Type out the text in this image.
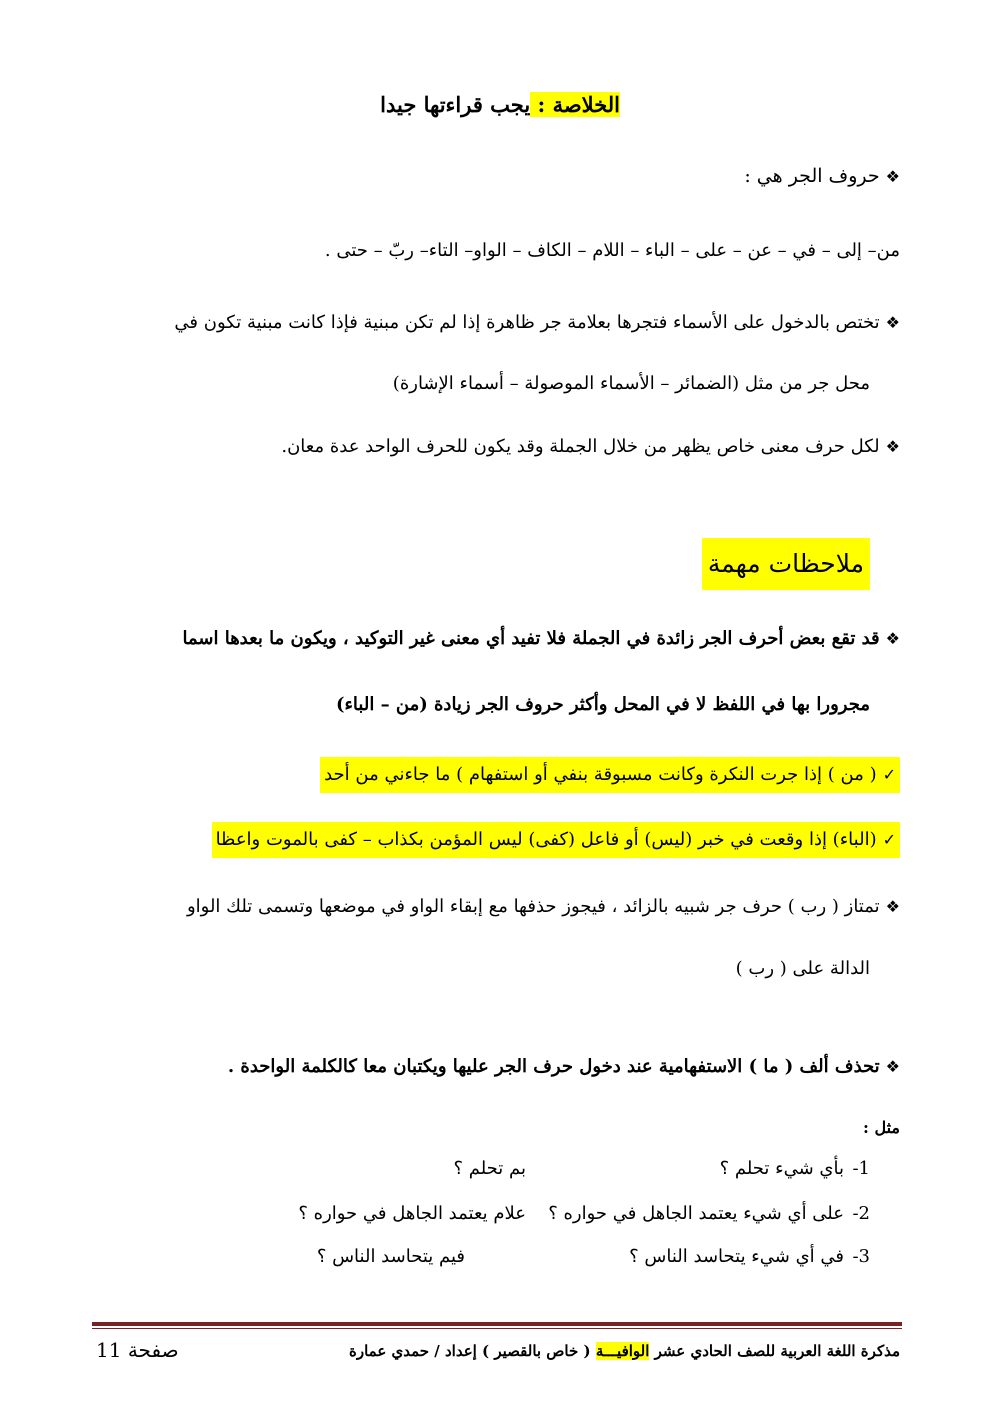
الخلاصة : يجب قراءتها جيدا
❖حروف الجر هي :
من– إلى – في – عن – على – الباء – اللام – الكاف – الواو– التاء– ربّ – حتى .
❖تختص بالدخول على الأسماء فتجرها بعلامة جر ظاهرة إذا لم تكن مبنية فإذا كانت مبنية تكون في
محل جر من مثل (الضمائر – الأسماء الموصولة – أسماء الإشارة)
❖لكل حرف معنى خاص يظهر من خلال الجملة وقد يكون للحرف الواحد عدة معان.
ملاحظات مهمة
❖قد تقع بعض أحرف الجر زائدة في الجملة فلا تفيد أي معنى غير التوكيد ، ويكون ما بعدها اسما
مجرورا بها في اللفظ لا في المحل وأكثر حروف الجر زيادة (من – الباء)
✓( من ) إذا جرت النكرة وكانت مسبوقة بنفي أو استفهام ) ما جاءني من أحد
✓(الباء) إذا وقعت في خبر (ليس) أو فاعل (كفى) ليس المؤمن بكذاب – كفى بالموت واعظا
❖تمتاز ( رب ) حرف جر شبيه بالزائد ، فيجوز حذفها مع إبقاء الواو في موضعها وتسمى تلك الواو
الدالة على ( رب )
❖تحذف ألف ( ما ) الاستفهامية عند دخول حرف الجر عليها ويكتبان معا كالكلمة الواحدة .
مثل :
1-
بأي شيء تحلم ؟
بم تحلم ؟
2-
على أي شيء يعتمد الجاهل في حواره ؟
علام يعتمد الجاهل في حواره ؟
3-
في أي شيء يتحاسد الناس ؟
فيم يتحاسد الناس ؟
مذكرة اللغة العربية للصف الحادي عشر الوافيـــة ( خاص بالقصير ) إعداد / حمدي عمارة
صفحة 11
